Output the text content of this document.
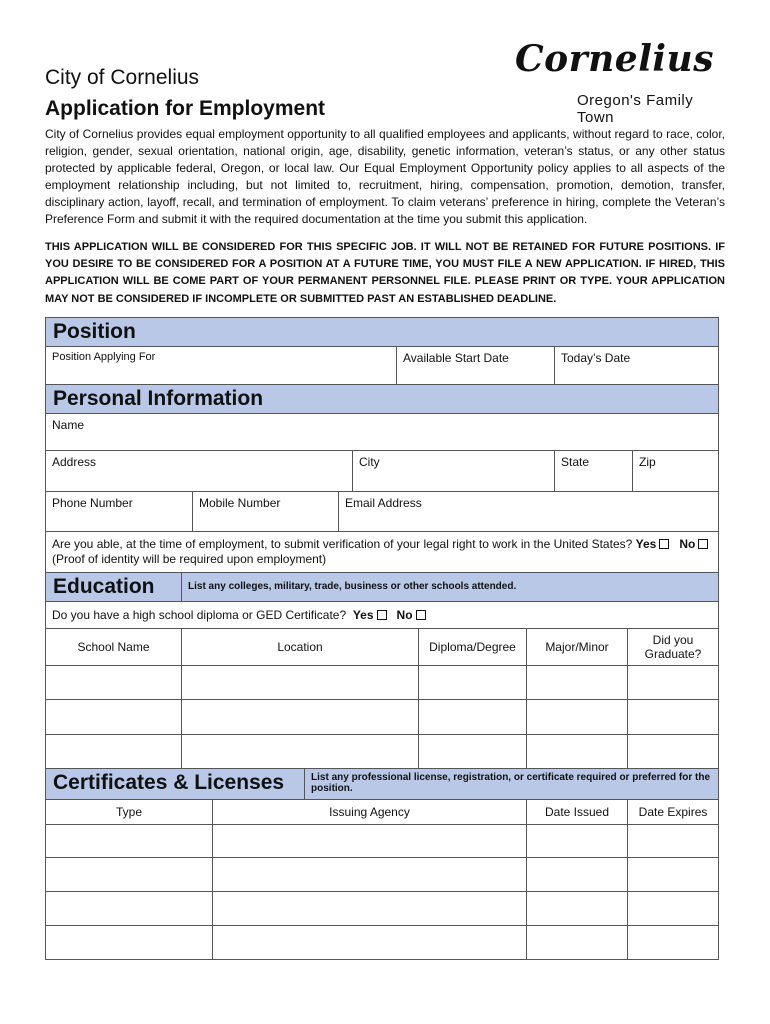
City of Cornelius
Application for Employment
Cornelius
Oregon's Family Town
City of Cornelius provides equal employment opportunity to all qualified employees and applicants, without regard to race, color, religion, gender, sexual orientation, national origin, age, disability, genetic information, veteran’s status, or any other status protected by applicable federal, Oregon, or local law. Our Equal Employment Opportunity policy applies to all aspects of the employment relationship including, but not limited to, recruitment, hiring, compensation, promotion, demotion, transfer, disciplinary action, layoff, recall, and termination of employment. To claim veterans’ preference in hiring, complete the Veteran’s Preference Form and submit it with the required documentation at the time you submit this application.
THIS APPLICATION WILL BE CONSIDERED FOR THIS SPECIFIC JOB. IT WILL NOT BE RETAINED FOR FUTURE POSITIONS. IF YOU DESIRE TO BE CONSIDERED FOR A POSITION AT A FUTURE TIME, YOU MUST FILE A NEW APPLICATION. IF HIRED, THIS APPLICATION WILL BE COME PART OF YOUR PERMANENT PERSONNEL FILE. PLEASE PRINT OR TYPE. YOUR APPLICATION MAY NOT BE CONSIDERED IF INCOMPLETE OR SUBMITTED PAST AN ESTABLISHED DEADLINE.
Position						

Position Applying For				Available Start Date	Today’s Date	

Personal Information						

Name						

Address			City		State	Zip

Phone Number	Mobile Number	Email Address				

Are you able, at the time of employment, to submit verification of your legal right to work in the United States? Yes No
(Proof of identity will be required upon employment)						
Education	List any colleges, military, trade, business or other schools attended.			

Do you have a high school diploma or GED Certificate? Yes No				

School Name	Location	Diploma/Degree	Major/Minor	Did you Graduate?

Certificates & Licenses		List any professional license, registration, or certificate required or preferred for the position.		

Type	Issuing Agency		Date Issued	Date Expires
